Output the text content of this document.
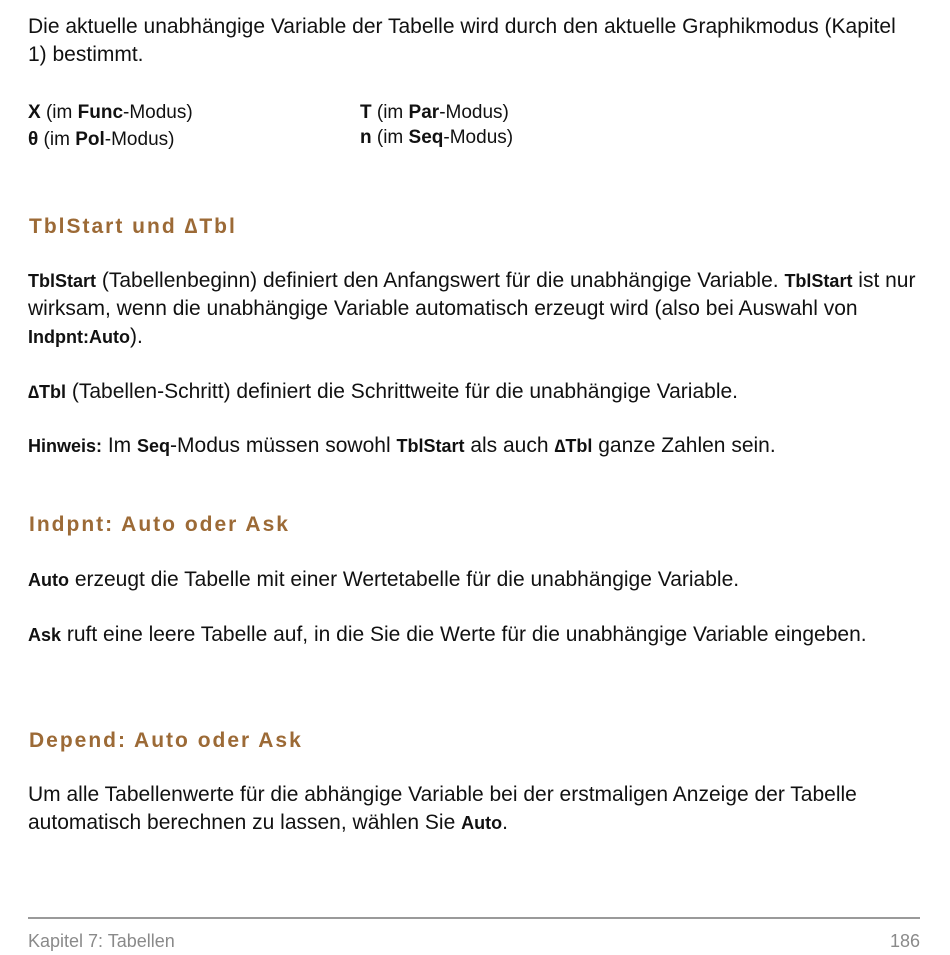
Die aktuelle unabhängige Variable der Tabelle wird durch den aktuelle Graphikmodus (Kapitel 1) bestimmt.

X (im Func-Modus)
θ (im Pol-Modus)
T (im Par-Modus)
n (im Seq-Modus)
TblStart und ∆Tbl

TblStart (Tabellenbeginn) definiert den Anfangswert für die unabhängige Variable. TblStart ist nur wirksam, wenn die unabhängige Variable automatisch erzeugt wird (also bei Auswahl von Indpnt:Auto).

∆Tbl (Tabellen-Schritt) definiert die Schrittweite für die unabhängige Variable.

Hinweis: Im Seq-Modus müssen sowohl TblStart als auch ∆Tbl ganze Zahlen sein.

Indpnt: Auto oder Ask

Auto erzeugt die Tabelle mit einer Wertetabelle für die unabhängige Variable.

Ask ruft eine leere Tabelle auf, in die Sie die Werte für die unabhängige Variable eingeben.

Depend: Auto oder Ask

Um alle Tabellenwerte für die abhängige Variable bei der erstmaligen Anzeige der Tabelle automatisch berechnen zu lassen, wählen Sie Auto.

Kapitel 7: Tabellen	186
